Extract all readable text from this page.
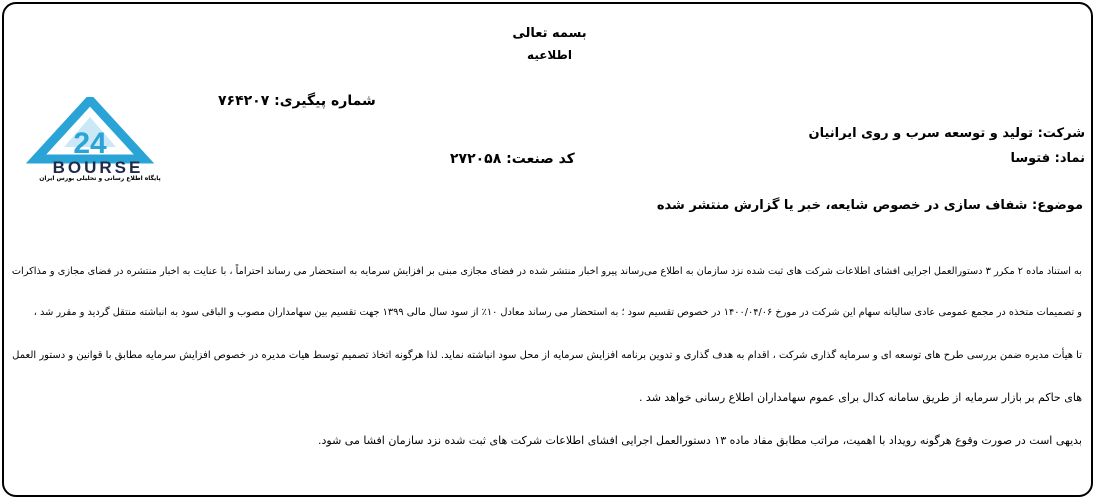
بسمه تعالی
اطلاعیه
24
BOURSE
پایگاه اطلاع رسانی و تحلیلی بورس ایران
شماره پیگیری: ۷۶۴۲۰۷
شرکت: تولید و توسعه سرب و روی ایرانیان
نماد: فتوسا
کد صنعت: ۲۷۲۰۵۸
موضوع: شفاف سازی در خصوص شایعه، خبر یا گزارش منتشر شده
به استناد ماده ۲ مکرر ۳ دستورالعمل اجرایی افشای اطلاعات شرکت های ثبت شده نزد سازمان به اطلاع می‌رساند پیرو اخبار منتشر شده در فضای مجازی مبنی بر افزایش سرمایه به استحضار می رساند احتراماً ، با عنایت به اخبار منتشره در فضای مجازی و مذاکرات
و تصمیمات متخذه در مجمع عمومی عادی سالیانه سهام این شرکت در مورخ ۱۴۰۰/۰۴/۰۶ در خصوص تقسیم سود ؛ به استحضار می رساند معادل ۱۰٪ از سود سال مالی ۱۳۹۹ جهت تقسیم بین سهامداران مصوب و الباقی سود به انباشته منتقل گردید و مقرر شد ،
تا هیأت مدیره ضمن بررسی طرح های توسعه ای و سرمایه گذاری شرکت ، اقدام به هدف گذاری و تدوین برنامه افزایش سرمایه از محل سود انباشته نماید. لذا هرگونه اتخاذ تصمیم توسط هیات مدیره در خصوص افزایش سرمایه مطابق با قوانین و دستور العمل
های حاکم بر بازار سرمایه از طریق سامانه کدال برای عموم سهامداران اطلاع رسانی خواهد شد .
بدیهی است در صورت وقوع هرگونه رویداد با اهمیت، مراتب مطابق مفاد ماده ۱۳ دستورالعمل اجرایی افشای اطلاعات شرکت های ثبت شده نزد سازمان افشا می شود.
